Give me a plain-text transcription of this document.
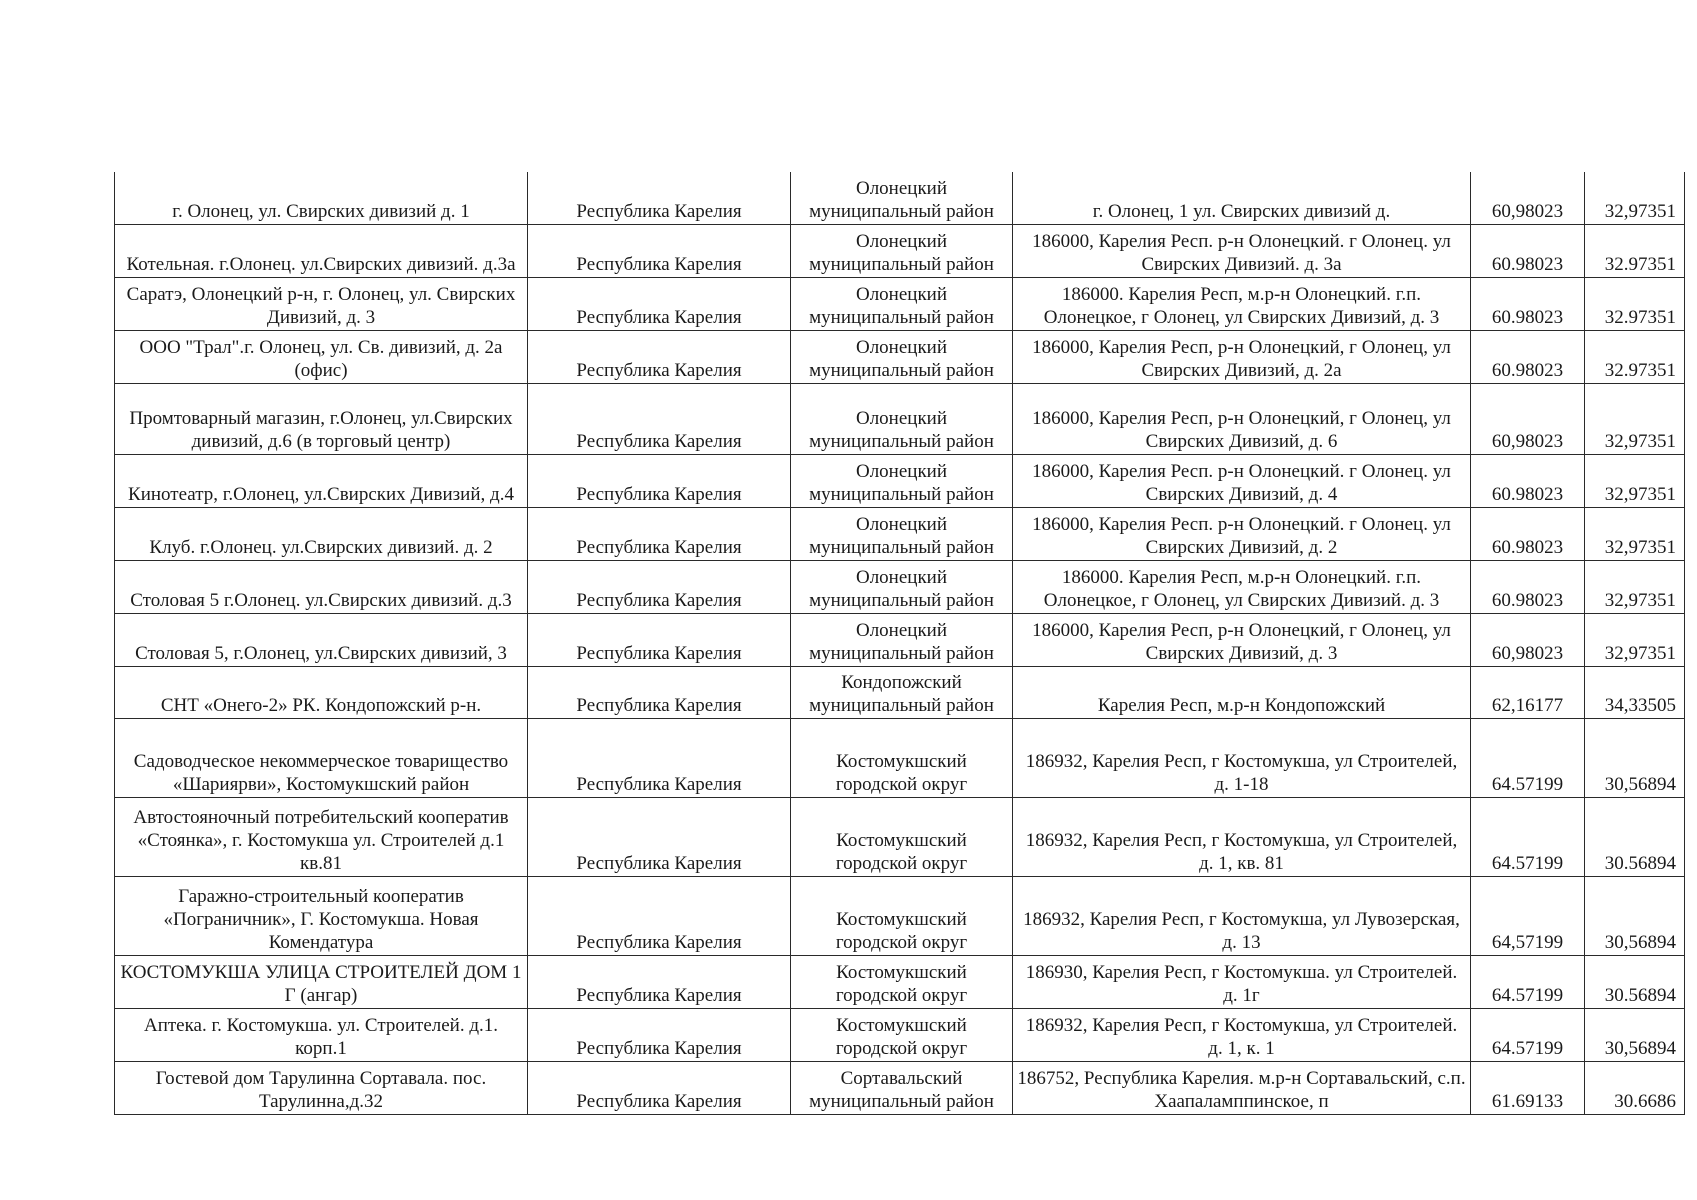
г. Олонец, ул. Свирских дивизий д. 1	Республика Карелия	Олонецкий муниципальный район	г. Олонец, 1 ул. Свирских дивизий д.	60,98023	32,97351
Котельная. г.Олонец. ул.Свирских дивизий. д.3а	Республика Карелия	Олонецкий муниципальный район	186000, Карелия Респ. р-н Олонецкий. г Олонец. ул Свирских Дивизий. д. 3а	60.98023	32.97351
Саратэ, Олонецкий р-н, г. Олонец, ул. Свирских Дивизий, д. 3	Республика Карелия	Олонецкий муниципальный район	186000. Карелия Респ, м.р-н Олонецкий. г.п. Олонецкое, г Олонец, ул Свирских Дивизий, д. 3	60.98023	32.97351
ООО "Трал".г. Олонец, ул. Св. дивизий, д. 2а (офис)	Республика Карелия	Олонецкий муниципальный район	186000, Карелия Респ, р-н Олонецкий, г Олонец, ул Свирских Дивизий, д. 2а	60.98023	32.97351
Промтоварный магазин, г.Олонец, ул.Свирских дивизий, д.6 (в торговый центр)	Республика Карелия	Олонецкий муниципальный район	186000, Карелия Респ, р-н Олонецкий, г Олонец, ул Свирских Дивизий, д. 6	60,98023	32,97351
Кинотеатр, г.Олонец, ул.Свирских Дивизий, д.4	Республика Карелия	Олонецкий муниципальный район	186000, Карелия Респ. р-н Олонецкий. г Олонец. ул Свирских Дивизий, д. 4	60.98023	32,97351
Клуб. г.Олонец. ул.Свирских дивизий. д. 2	Республика Карелия	Олонецкий муниципальный район	186000, Карелия Респ. р-н Олонецкий. г Олонец. ул Свирских Дивизий, д. 2	60.98023	32,97351
Столовая 5 г.Олонец. ул.Свирских дивизий. д.3	Республика Карелия	Олонецкий муниципальный район	186000. Карелия Респ, м.р-н Олонецкий. г.п. Олонецкое, г Олонец, ул Свирских Дивизий. д. 3	60.98023	32,97351
Столовая 5, г.Олонец, ул.Свирских дивизий, 3	Республика Карелия	Олонецкий муниципальный район	186000, Карелия Респ, р-н Олонецкий, г Олонец, ул Свирских Дивизий, д. 3	60,98023	32,97351
СНТ «Онего-2» РК. Кондопожский р-н.	Республика Карелия	Кондопожский муниципальный район	Карелия Респ, м.р-н Кондопожский	62,16177	34,33505
Садоводческое некоммерческое товарищество «Шариярви», Костомукшский район	Республика Карелия	Костомукшский городской округ	186932, Карелия Респ, г Костомукша, ул Строителей, д. 1-18	64.57199	30,56894
Автостояночный потребительский кооператив «Стоянка», г. Костомукша ул. Строителей д.1 кв.81	Республика Карелия	Костомукшский городской округ	186932, Карелия Респ, г Костомукша, ул Строителей, д. 1, кв. 81	64.57199	30.56894
Гаражно-строительный кооператив «Пограничник», Г. Костомукша. Новая Комендатура	Республика Карелия	Костомукшский городской округ	186932, Карелия Респ, г Костомукша, ул Лувозерская, д. 13	64,57199	30,56894
КОСТОМУКША УЛИЦА СТРОИТЕЛЕЙ ДОМ 1 Г (ангар)	Республика Карелия	Костомукшский городской округ	186930, Карелия Респ, г Костомукша. ул Строителей. д. 1г	64.57199	30.56894
Аптека. г. Костомукша. ул. Строителей. д.1. корп.1	Республика Карелия	Костомукшский городской округ	186932, Карелия Респ, г Костомукша, ул Строителей. д. 1, к. 1	64.57199	30,56894
Гостевой дом Тарулинна Сортавала. пос. Тарулинна,д.32	Республика Карелия	Сортавальский муниципальный район	186752, Республика Карелия. м.р-н Сортавальский, с.п. Хаапаламппинское, п	61.69133	30.6686
